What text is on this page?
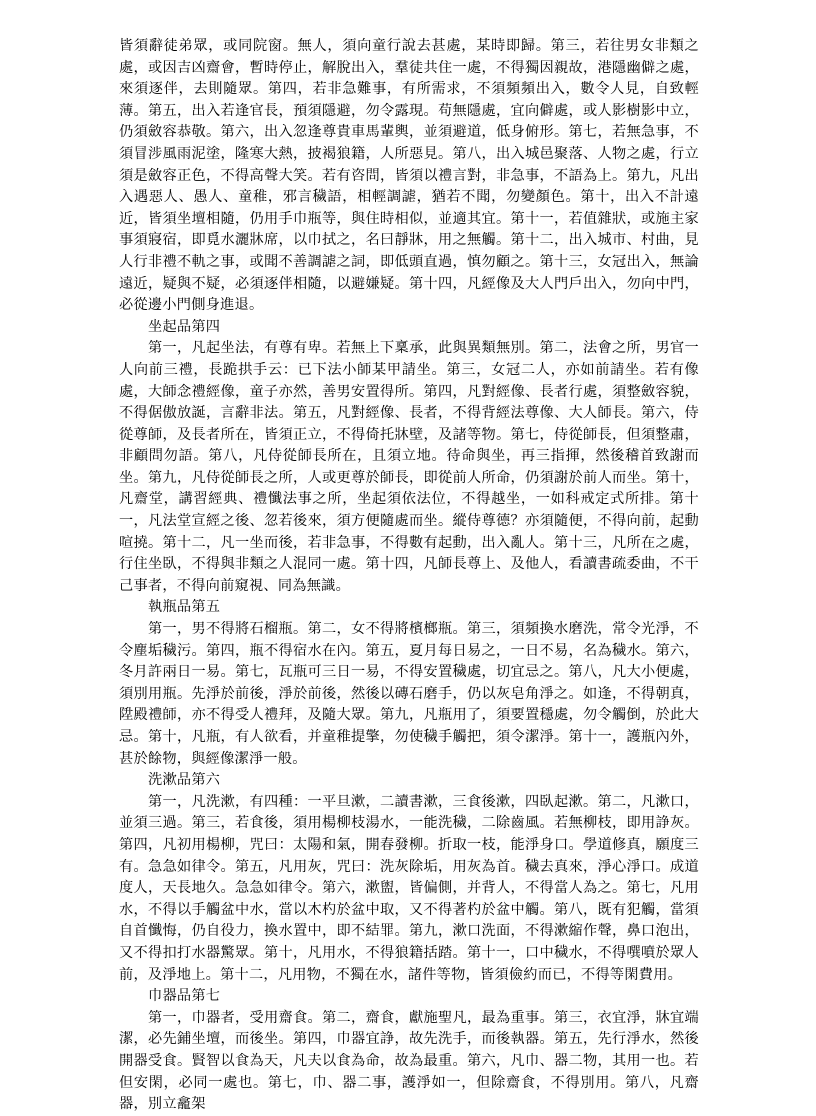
皆須辭徒弟眾，或同院窗。無人，須向童行說去甚處，某時即歸。第三，若往男女非類之處，或因吉凶齋會，暫時停止，解脫出入，羣徒共住一處，不得獨因親故，港隱幽僻之處，來須逐伴，去則隨眾。第四，若非急難事，有所需求，不須頻頻出入，數令人見，自致輕薄。第五，出入若逢官長，預須隱避，勿令露現。苟無隱處，宜向僻處，或人影樹影中立，仍須斂容恭敬。第六，出入忽逢尊貴車馬輩輿，並須避道，低身俯形。第七，若無急事，不須冒涉風雨泥塗，隆寒大熱，披褐狼籍，人所惡見。第八，出入城邑聚落、人物之處，行立須是斂容正色，不得高聲大笑。若有咨問，皆須以禮言對，非急事，不語為上。第九，凡出入遇惡人、愚人、童稚，邪言穢語，相輕調謔，猶若不聞，勿變顏色。第十，出入不計遠近，皆須坐壇相隨，仍用手巾瓶等，與住時相似，並適其宜。第十一，若值雜狀，或施主家事須寢宿，即覓水灑牀席，以巾拭之，名曰靜牀，用之無觸。第十二，出入城市、村曲，見人行非禮不軌之事，或聞不善調謔之詞，即低頭直過，慎勿顧之。第十三，女冠出入，無論遠近，疑與不疑，必須逐伴相隨，以避嫌疑。第十四，凡經像及大人門戶出入，勿向中門，必從邊小門側身進退。

坐起品第四

第一，凡起坐法，有尊有卑。若無上下稟承，此與異類無別。第二，法會之所，男官一人向前三禮，長跪拱手云：已下法小師某甲請坐。第三，女冠二人，亦如前請坐。若有像處，大師念禮經像，童子亦然，善男安置得所。第四，凡對經像、長者行處，須整斂容貌，不得倨傲放誕，言辭非法。第五，凡對經像、長者，不得背經法尊像、大人師長。第六，侍從尊師，及長者所在，皆須正立，不得倚托牀壁，及諸等物。第七，侍從師長，但須整肅，非顧問勿語。第八，凡侍從師長所在，且須立地。待命與坐，再三指揮，然後稽首致謝而坐。第九，凡侍從師長之所，人或更尊於師長，即從前人所命，仍須謝於前人而坐。第十，凡齋堂，講習經典、禮懺法事之所，坐起須依法位，不得越坐，一如科戒定式所排。第十一，凡法堂宣經之後、忽若後來，須方便隨處而坐。縱侍尊德？亦須隨便，不得向前，起動喧撓。第十二，凡一坐而後，若非急事，不得數有起動，出入亂人。第十三，凡所在之處，行住坐臥，不得與非類之人混同一處。第十四，凡師長尊上、及他人，看讀書疏委曲，不干己事者，不得向前窺視、同為無識。

執瓶品第五

第一，男不得將石榴瓶。第二，女不得將檳榔瓶。第三，須頻換水磨洗，常令光淨，不令塵垢穢污。第四，瓶不得宿水在內。第五，夏月每日易之，一日不易，名為穢水。第六，冬月許兩日一易。第七，瓦瓶可三日一易，不得安置穢處，切宜忌之。第八，凡大小便處，須別用瓶。先淨於前後，淨於前後，然後以磚石磨手，仍以灰皂角淨之。如逢，不得朝真，陞殿禮師，亦不得受人禮拜，及隨大眾。第九，凡瓶用了，須要置穩處，勿令觸倒，於此大忌。第十，凡瓶，有人欲看，并童稚提擎，勿使穢手觸把，須令潔淨。第十一，護瓶內外，甚於餘物，與經像潔淨一般。

洗漱品第六

第一，凡洗漱，有四種：一平旦漱，二讀書漱，三食後漱，四臥起漱。第二，凡漱口，並須三過。第三，若食後，須用楊柳枝湯水，一能洗穢，二除齒風。若無柳枝，即用諍灰。第四，凡初用楊柳，咒曰：太陽和氣，開春發柳。折取一枝，能淨身口。學道修真，願度三有。急急如律令。第五，凡用灰，咒曰：洗灰除垢，用灰為首。穢去真來，淨心淨口。成道度人，天長地久。急急如律令。第六，漱盥，皆偏側，并背人，不得當人為之。第七，凡用水，不得以手觸盆中水，當以木杓於盆中取，又不得著杓於盆中觸。第八，既有犯觸，當須自首懺悔，仍自役力，換水置中，即不結罪。第九，漱口洗面，不得漱縮作聲，鼻口泡出，又不得扣打水器驚眾。第十，凡用水，不得狼籍括踏。第十一，口中穢水，不得噀噴於眾人前，及淨地上。第十二，凡用物，不獨在水，諸件等物，皆須儉約而已，不得等閑費用。

巾器品第七

第一，巾器者，受用齋食。第二，齋食，獻施聖凡，最為重事。第三，衣宜淨，牀宜端潔，必先鋪坐壇，而後坐。第四，巾器宜諍，故先洗手，而後執器。第五，先行淨水，然後開器受食。賢智以食為天，凡夫以食為命，故為最重。第六，凡巾、器二物，其用一也。若但安閑，必同一處也。第七，巾、器二事，護淨如一，但除齋食，不得別用。第八，凡齋器，別立龕架
